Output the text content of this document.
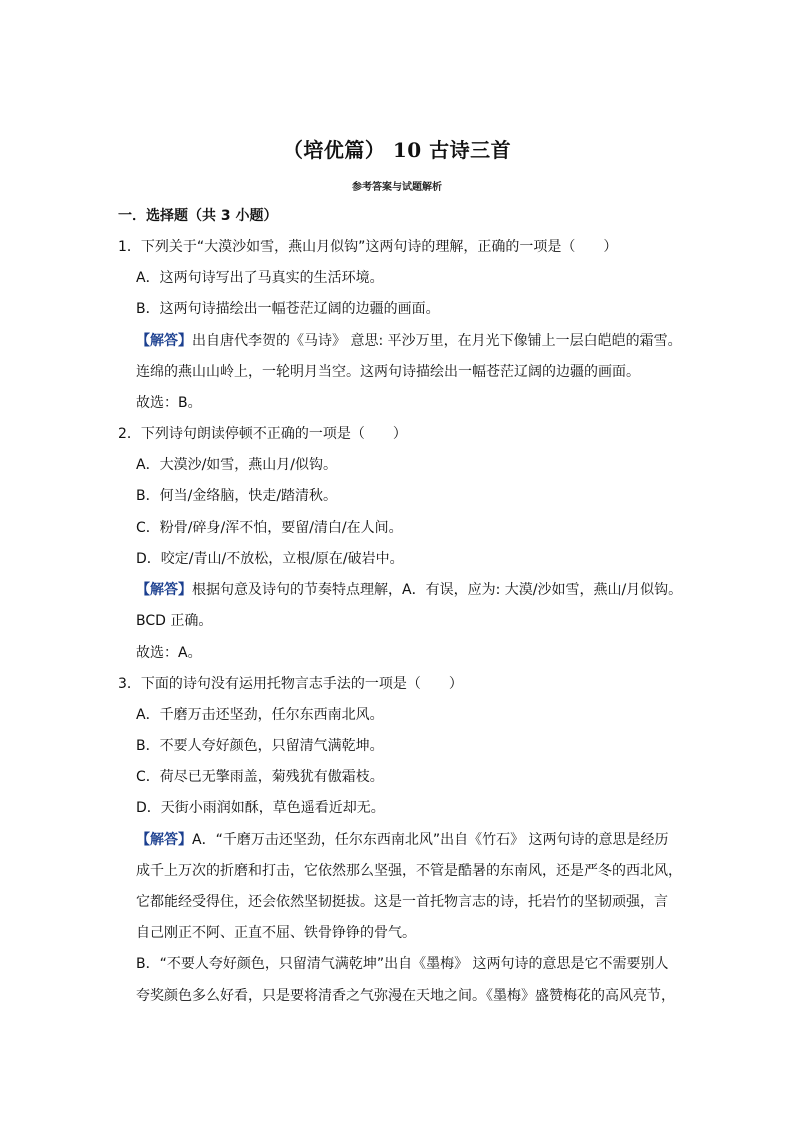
（培优篇） 10 古诗三首
参考答案与试题解析
一．选择题（共 3 小题）
1．下列关于“大漠沙如雪，燕山月似钩”这两句诗的理解，正确的一项是（　　）
A．这两句诗写出了马真实的生活环境。
B．这两句诗描绘出一幅苍茫辽阔的边疆的画面。
【解答】出自唐代李贺的《马诗》 意思: 平沙万里，在月光下像铺上一层白皑皑的霜雪。
连绵的燕山山岭上，一轮明月当空。这两句诗描绘出一幅苍茫辽阔的边疆的画面。
故选：B。
2．下列诗句朗读停顿不正确的一项是（　　）
A．大漠沙/如雪，燕山月/似钩。
B．何当/金络脑，快走/踏清秋。
C．粉骨/碎身/浑不怕，要留/清白/在人间。
D．咬定/青山/不放松，立根/原在/破岩中。
【解答】根据句意及诗句的节奏特点理解，A．有误，应为: 大漠/沙如雪，燕山/月似钩。
BCD 正确。
故选：A。
3．下面的诗句没有运用托物言志手法的一项是（　　）
A．千磨万击还坚劲，任尔东西南北风。
B．不要人夸好颜色，只留清气满乾坤。
C．荷尽已无擎雨盖，菊残犹有傲霜枝。
D．天街小雨润如酥，草色遥看近却无。
【解答】A．“千磨万击还坚劲，任尔东西南北风”出自《竹石》 这两句诗的意思是经历
成千上万次的折磨和打击，它依然那么坚强，不管是酷暑的东南风，还是严冬的西北风，
它都能经受得住，还会依然坚韧挺拔。这是一首托物言志的诗，托岩竹的坚韧顽强，言
自己刚正不阿、正直不屈、铁骨铮铮的骨气。
B．“不要人夸好颜色，只留清气满乾坤”出自《墨梅》 这两句诗的意思是它不需要别人
夸奖颜色多么好看，只是要将清香之气弥漫在天地之间。《墨梅》盛赞梅花的高风亮节，
